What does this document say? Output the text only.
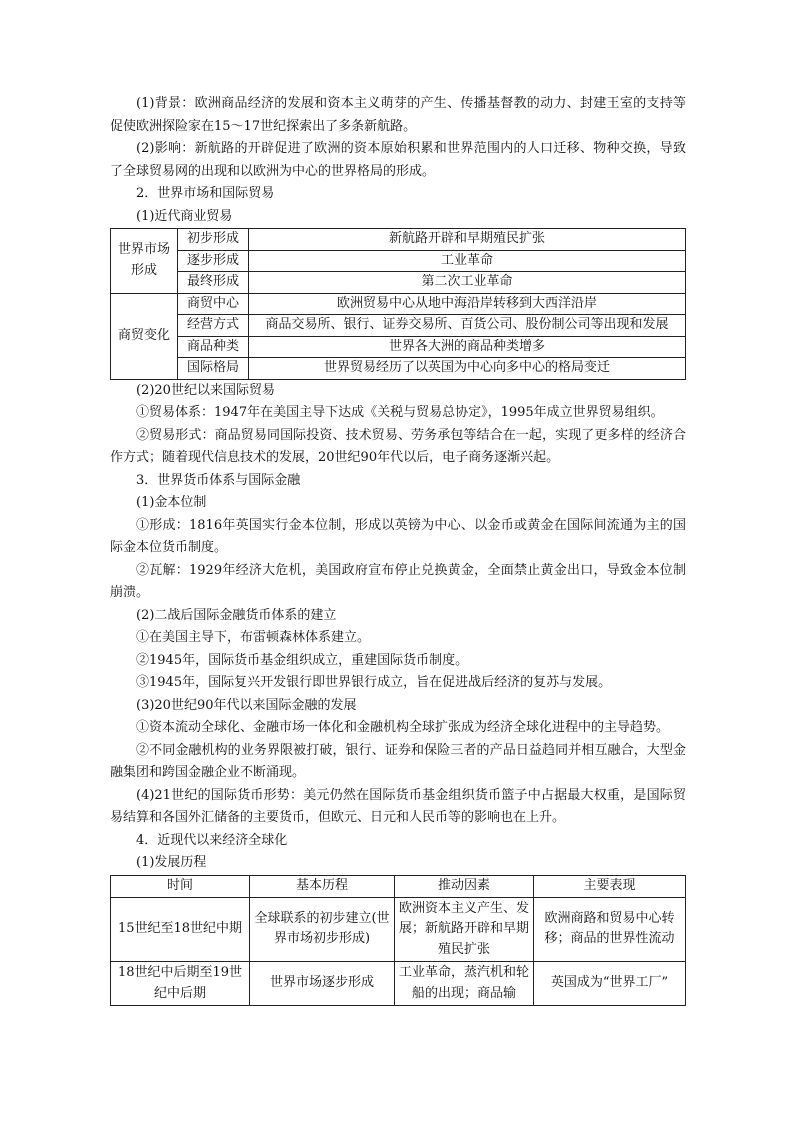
(1)背景：欧洲商品经济的发展和资本主义萌芽的产生、传播基督教的动力、封建王室的支持等促使欧洲探险家在15～17世纪探索出了多条新航路。

(2)影响：新航路的开辟促进了欧洲的资本原始积累和世界范围内的人口迁移、物种交换，导致了全球贸易网的出现和以欧洲为中心的世界格局的形成。

2．世界市场和国际贸易

(1)近代商业贸易

世界市场形成	初步形成	新航路开辟和早期殖民扩张
	逐步形成	工业革命
	最终形成	第二次工业革命
商贸变化	商贸中心	欧洲贸易中心从地中海沿岸转移到大西洋沿岸
	经营方式	商品交易所、银行、证券交易所、百货公司、股份制公司等出现和发展
	商品种类	世界各大洲的商品种类增多
	国际格局	世界贸易经历了以英国为中心向多中心的格局变迁

(2)20世纪以来国际贸易

①贸易体系：1947年在美国主导下达成《关税与贸易总协定》，1995年成立世界贸易组织。

②贸易形式：商品贸易同国际投资、技术贸易、劳务承包等结合在一起，实现了更多样的经济合作方式；随着现代信息技术的发展，20世纪90年代以后，电子商务逐渐兴起。

3．世界货币体系与国际金融

(1)金本位制

①形成：1816年英国实行金本位制，形成以英镑为中心、以金币或黄金在国际间流通为主的国际金本位货币制度。

②瓦解：1929年经济大危机，美国政府宣布停止兑换黄金，全面禁止黄金出口，导致金本位制崩溃。

(2)二战后国际金融货币体系的建立

①在美国主导下，布雷顿森林体系建立。

②1945年，国际货币基金组织成立，重建国际货币制度。

③1945年，国际复兴开发银行即世界银行成立，旨在促进战后经济的复苏与发展。

(3)20世纪90年代以来国际金融的发展

①资本流动全球化、金融市场一体化和金融机构全球扩张成为经济全球化进程中的主导趋势。

②不同金融机构的业务界限被打破，银行、证券和保险三者的产品日益趋同并相互融合，大型金融集团和跨国金融企业不断涌现。

(4)21世纪的国际货币形势：美元仍然在国际货币基金组织货币篮子中占据最大权重，是国际贸易结算和各国外汇储备的主要货币，但欧元、日元和人民币等的影响也在上升。

4．近现代以来经济全球化

(1)发展历程

时间	基本历程	推动因素	主要表现
15世纪至18世纪中期	全球联系的初步建立(世界市场初步形成)	欧洲资本主义产生、发展；新航路开辟和早期殖民扩张	欧洲商路和贸易中心转移；商品的世界性流动
18世纪中后期至19世纪中后期	世界市场逐步形成	工业革命，蒸汽机和轮船的出现；商品输	英国成为“世界工厂”
